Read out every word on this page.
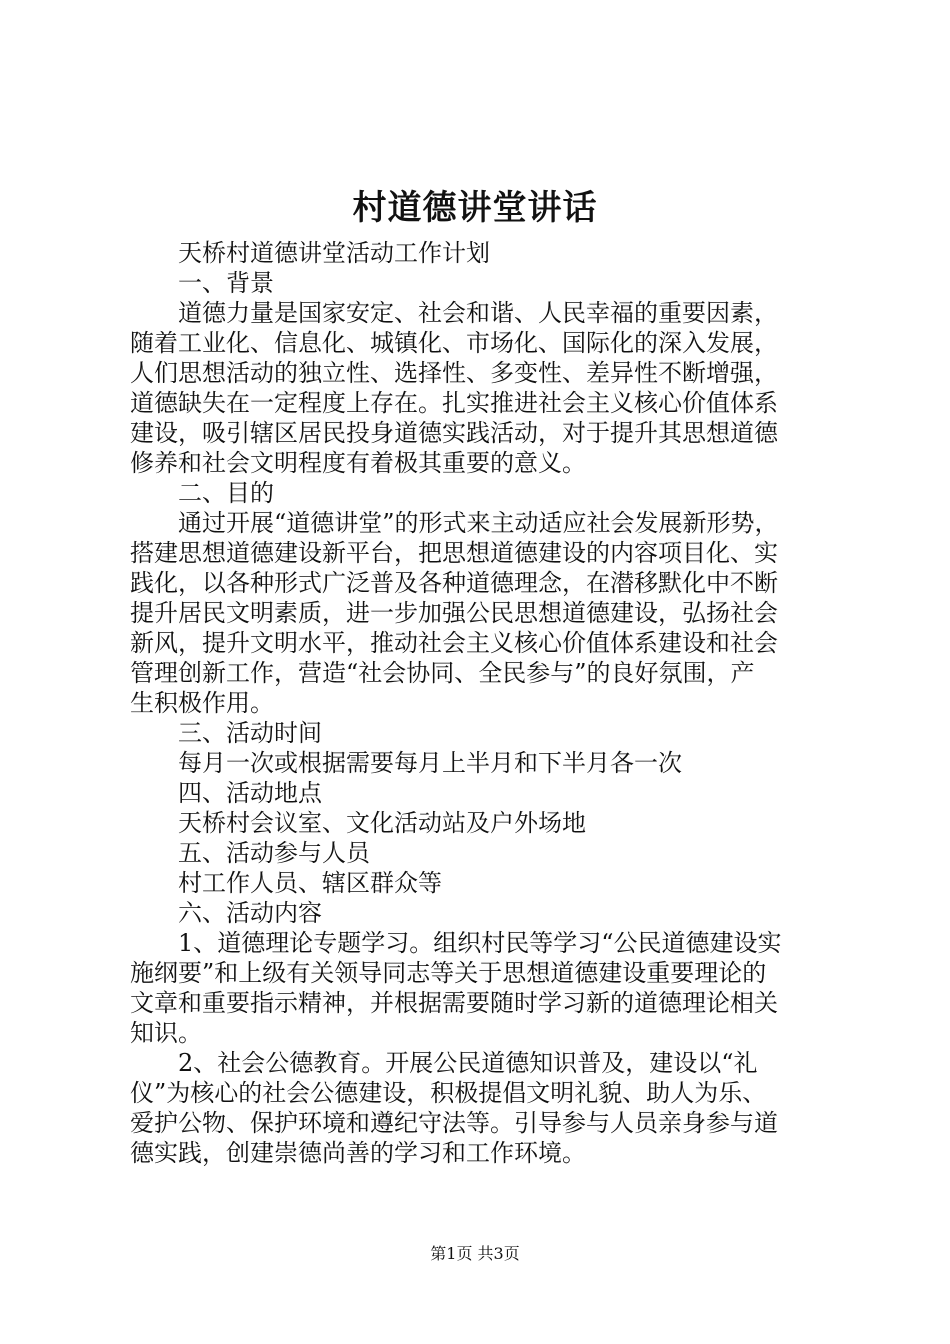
村道德讲堂讲话
天桥村道德讲堂活动工作计划
一、背景
道德力量是国家安定、社会和谐、人民幸福的重要因素，
随着工业化、信息化、城镇化、市场化、国际化的深入发展，
人们思想活动的独立性、选择性、多变性、差异性不断增强，
道德缺失在一定程度上存在。扎实推进社会主义核心价值体系
建设，吸引辖区居民投身道德实践活动，对于提升其思想道德
修养和社会文明程度有着极其重要的意义。
二、目的
通过开展“道德讲堂”的形式来主动适应社会发展新形势，
搭建思想道德建设新平台，把思想道德建设的内容项目化、实
践化，以各种形式广泛普及各种道德理念，在潜移默化中不断
提升居民文明素质，进一步加强公民思想道德建设，弘扬社会
新风，提升文明水平，推动社会主义核心价值体系建设和社会
管理创新工作，营造“社会协同、全民参与”的良好氛围，产
生积极作用。
三、活动时间
每月一次或根据需要每月上半月和下半月各一次
四、活动地点
天桥村会议室、文化活动站及户外场地
五、活动参与人员
村工作人员、辖区群众等
六、活动内容
1、道德理论专题学习。组织村民等学习“公民道德建设实
施纲要”和上级有关领导同志等关于思想道德建设重要理论的
文章和重要指示精神，并根据需要随时学习新的道德理论相关
知识。
2、社会公德教育。开展公民道德知识普及，建设以“礼
仪”为核心的社会公德建设，积极提倡文明礼貌、助人为乐、
爱护公物、保护环境和遵纪守法等。引导参与人员亲身参与道
德实践，创建崇德尚善的学习和工作环境。
第1页 共3页
